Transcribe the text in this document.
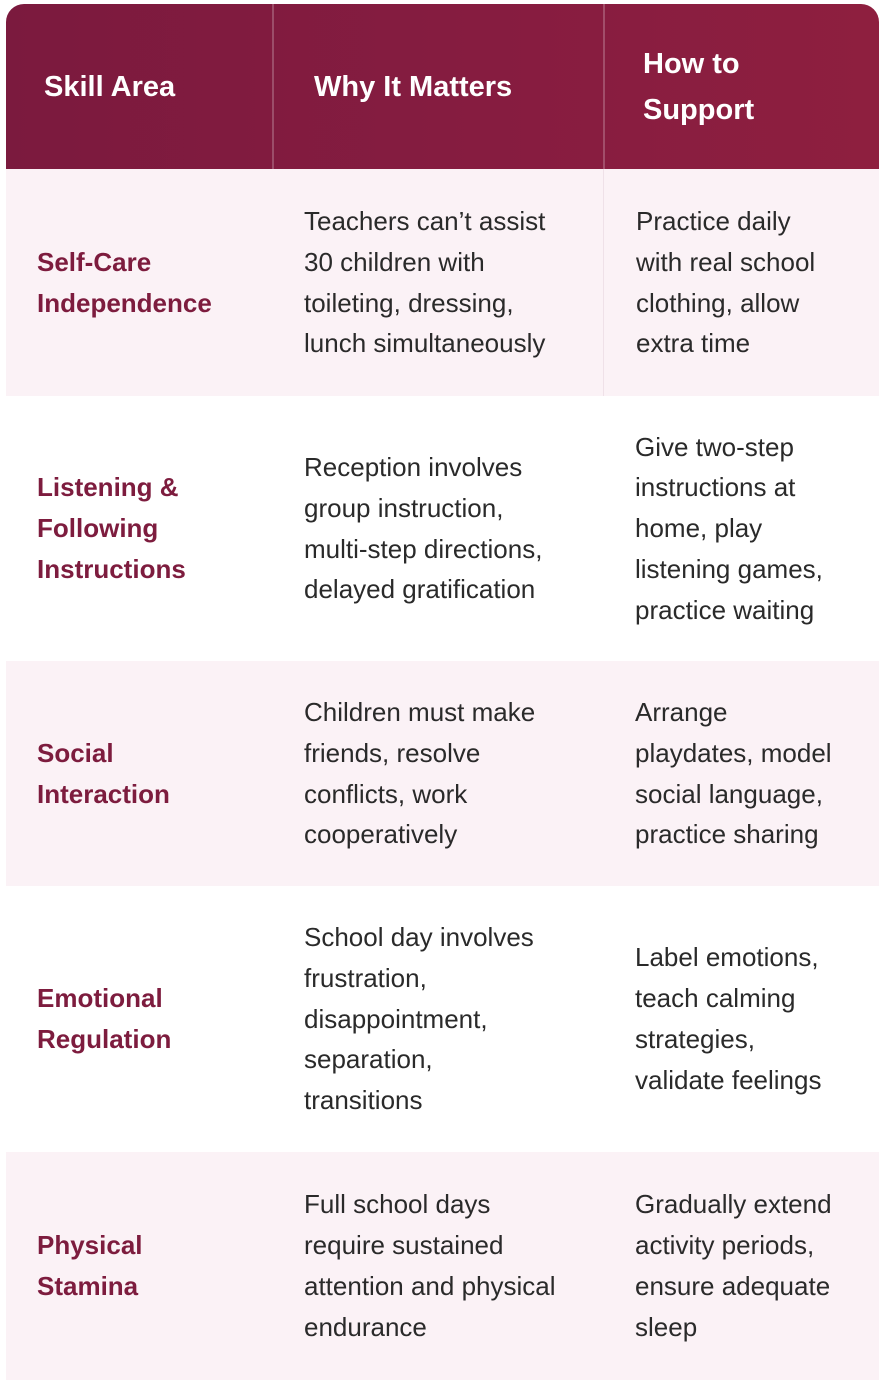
Skill Area	Why It Matters
How to
Support
Self-Care
Independence
Teachers can’t assist
30 children with
toileting, dressing,
lunch simultaneously
Practice daily
with real school
clothing, allow
extra time
Listening &
Following
Instructions
Reception involves
group instruction,
multi-step directions,
delayed gratification
Give two-step
instructions at
home, play
listening games,
practice waiting
Social
Interaction
Children must make
friends, resolve
conflicts, work
cooperatively
Arrange
playdates, model
social language,
practice sharing
Emotional
Regulation
School day involves
frustration,
disappointment,
separation,
transitions
Label emotions,
teach calming
strategies,
validate feelings
Physical
Stamina
Full school days
require sustained
attention and physical
endurance
Gradually extend
activity periods,
ensure adequate
sleep
